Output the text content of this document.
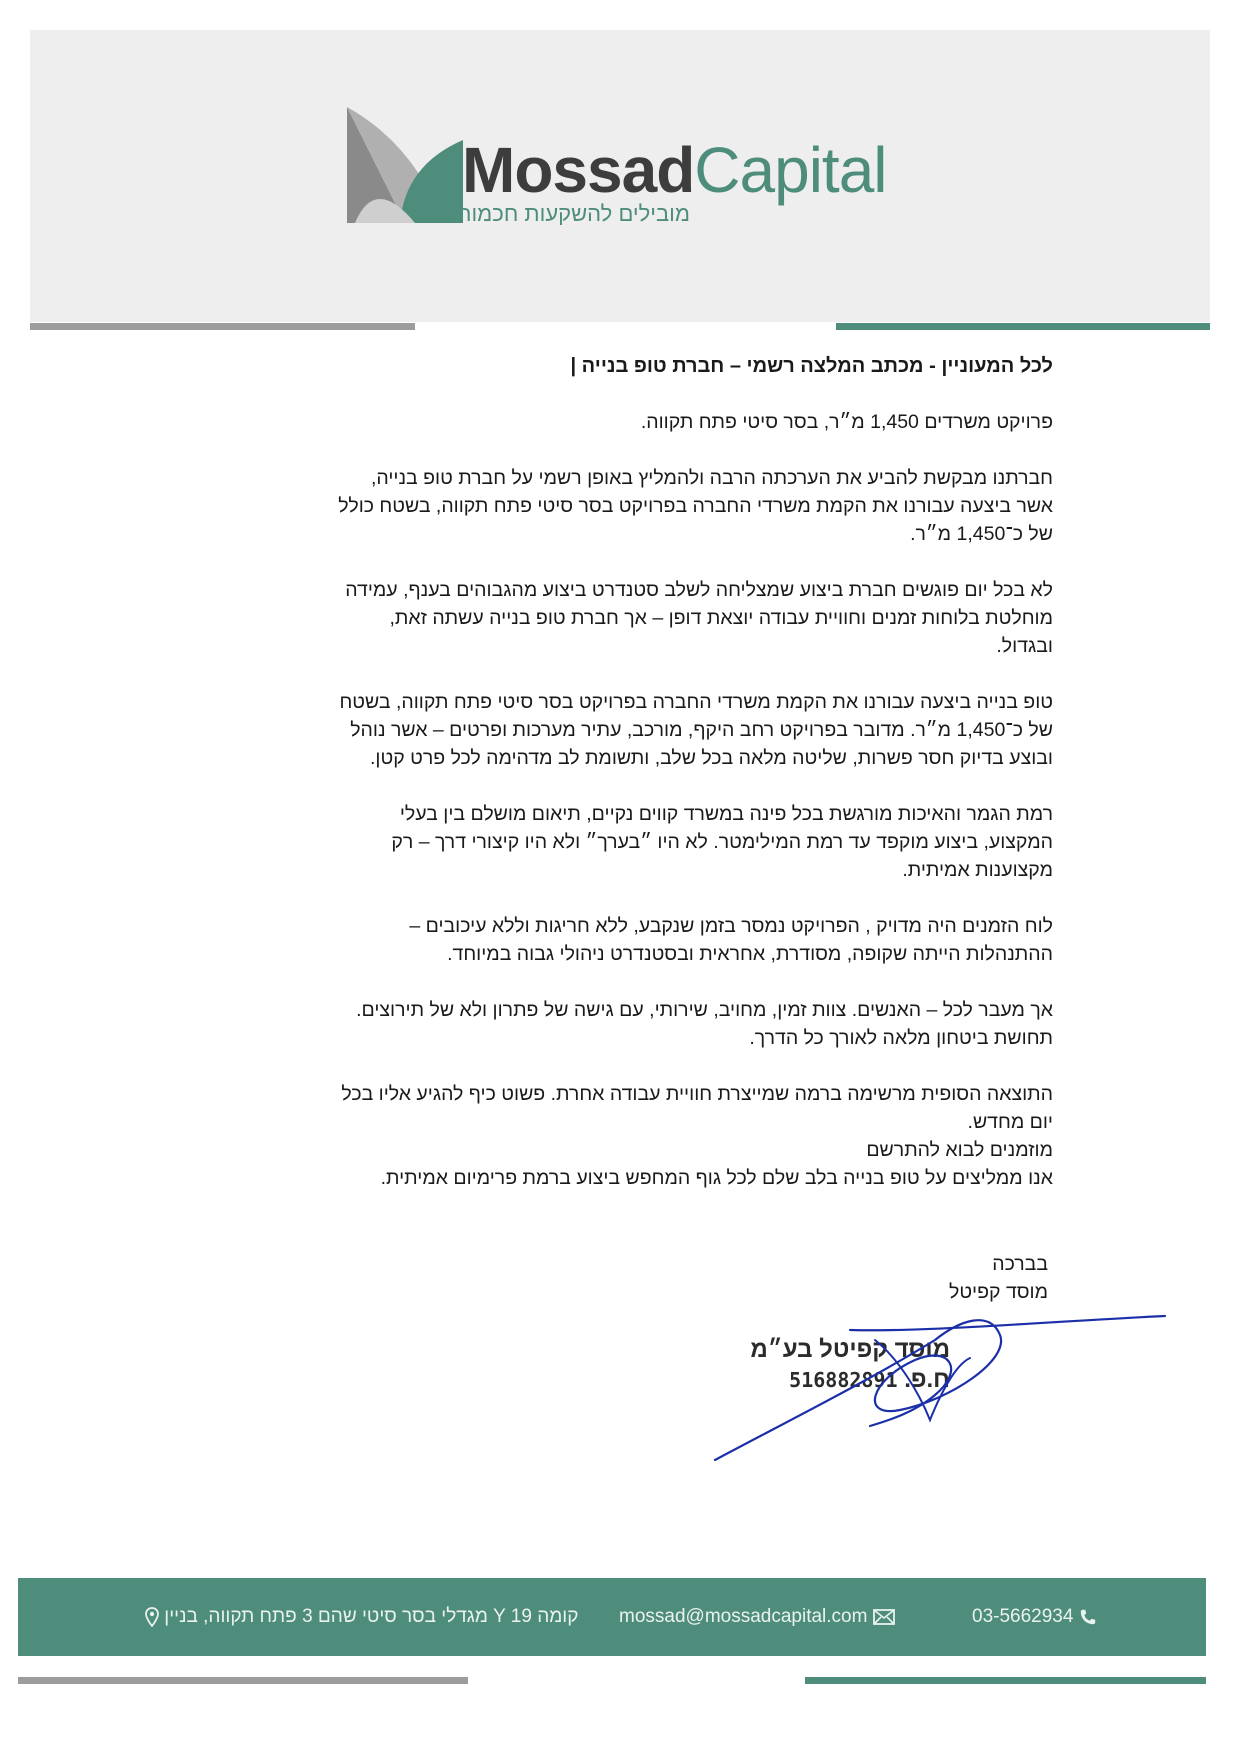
MossadCapital
מובילים להשקעות חכמות

לכל המעוניין - מכתב המלצה רשמי – חברת טופ בנייה |

פרויקט משרדים 1,450 מ״ר, בסר סיטי פתח תקווה.

חברתנו מבקשת להביע את הערכתה הרבה ולהמליץ באופן רשמי על חברת טופ בנייה,
אשר ביצעה עבורנו את הקמת משרדי החברה בפרויקט בסר סיטי פתח תקווה, בשטח כולל
של כ־1,450 מ״ר.

לא בכל יום פוגשים חברת ביצוע שמצליחה לשלב סטנדרט ביצוע מהגבוהים בענף, עמידה
מוחלטת בלוחות זמנים וחוויית עבודה יוצאת דופן – אך חברת טופ בנייה עשתה זאת,
ובגדול.

טופ בנייה ביצעה עבורנו את הקמת משרדי החברה בפרויקט בסר סיטי פתח תקווה, בשטח
של כ־1,450 מ״ר. מדובר בפרויקט רחב היקף, מורכב, עתיר מערכות ופרטים – אשר נוהל
ובוצע בדיוק חסר פשרות, שליטה מלאה בכל שלב, ותשומת לב מדהימה לכל פרט קטן.

רמת הגמר והאיכות מורגשת בכל פינה במשרד קווים נקיים, תיאום מושלם בין בעלי
המקצוע, ביצוע מוקפד עד רמת המילימטר. לא היו ״בערך״ ולא היו קיצורי דרך – רק
מקצוענות אמיתית.

לוח הזמנים היה מדויק , הפרויקט נמסר בזמן שנקבע, ללא חריגות וללא עיכובים –
ההתנהלות הייתה שקופה, מסודרת, אחראית ובסטנדרט ניהולי גבוה במיוחד.

אך מעבר לכל – האנשים. צוות זמין, מחויב, שירותי, עם גישה של פתרון ולא של תירוצים.
תחושת ביטחון מלאה לאורך כל הדרך.

התוצאה הסופית מרשימה ברמה שמייצרת חוויית עבודה אחרת. פשוט כיף להגיע אליו בכל
יום מחדש.
מוזמנים לבוא להתרשם
אנו ממליצים על טופ בנייה בלב שלם לכל גוף המחפש ביצוע ברמת פרימיום אמיתית.

בברכה
מוסד קפיטל
מוסד קפיטל בע״מ
ח.פ. 516882891
03-5662934
mossad@mossadcapital.com
מגדלי בסר סיטי שהם 3 פתח תקווה, בניין Y קומה 19
